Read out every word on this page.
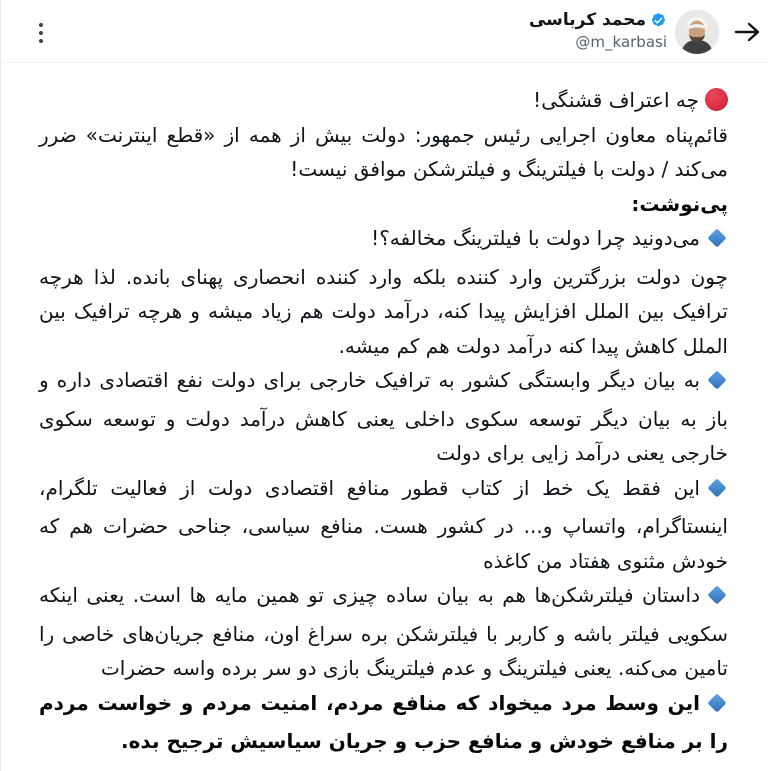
محمد کرباسی
@m_karbasi

چه اعتراف قشنگی!

قائم‌پناه معاون اجرایی رئیس جمهور: دولت بیش از همه از «قطع اینترنت» ضرر می‌کند / دولت با فیلترینگ و فیلترشکن موافق نیست!

پی‌نوشت:

می‌دونید چرا دولت با فیلترینگ مخالفه؟!

چون دولت بزرگترین وارد کننده بلکه وارد کننده انحصاری پهنای بانده. لذا هرچه ترافیک بین الملل افزایش پیدا کنه، درآمد دولت هم زیاد میشه و هرچه ترافیک بین الملل کاهش پیدا کنه درآمد دولت هم کم میشه.

به بیان دیگر وابستگی کشور به ترافیک خارجی برای دولت نفع اقتصادی داره و باز به بیان دیگر توسعه سکوی داخلی یعنی کاهش درآمد دولت و توسعه سکوی خارجی یعنی درآمد زایی برای دولت

این فقط یک خط از کتاب قطور منافع اقتصادی دولت از فعالیت تلگرام، اینستاگرام، واتساپ و... در کشور هست. منافع سیاسی، جناحی حضرات هم که خودش مثنوی هفتاد من کاغذه

داستان فیلترشکن‌ها هم به بیان ساده چیزی تو همین مایه ها است. یعنی اینکه سکویی فیلتر باشه و کاربر با فیلترشکن بره سراغ اون، منافع جریان‌های خاصی را تامین می‌کنه. یعنی فیلترینگ و عدم فیلترینگ بازی دو سر برده واسه حضرات

این وسط مرد میخواد که منافع مردم، امنیت مردم و خواست مردم را بر منافع خودش و منافع حزب و جریان سیاسیش ترجیح بده.
